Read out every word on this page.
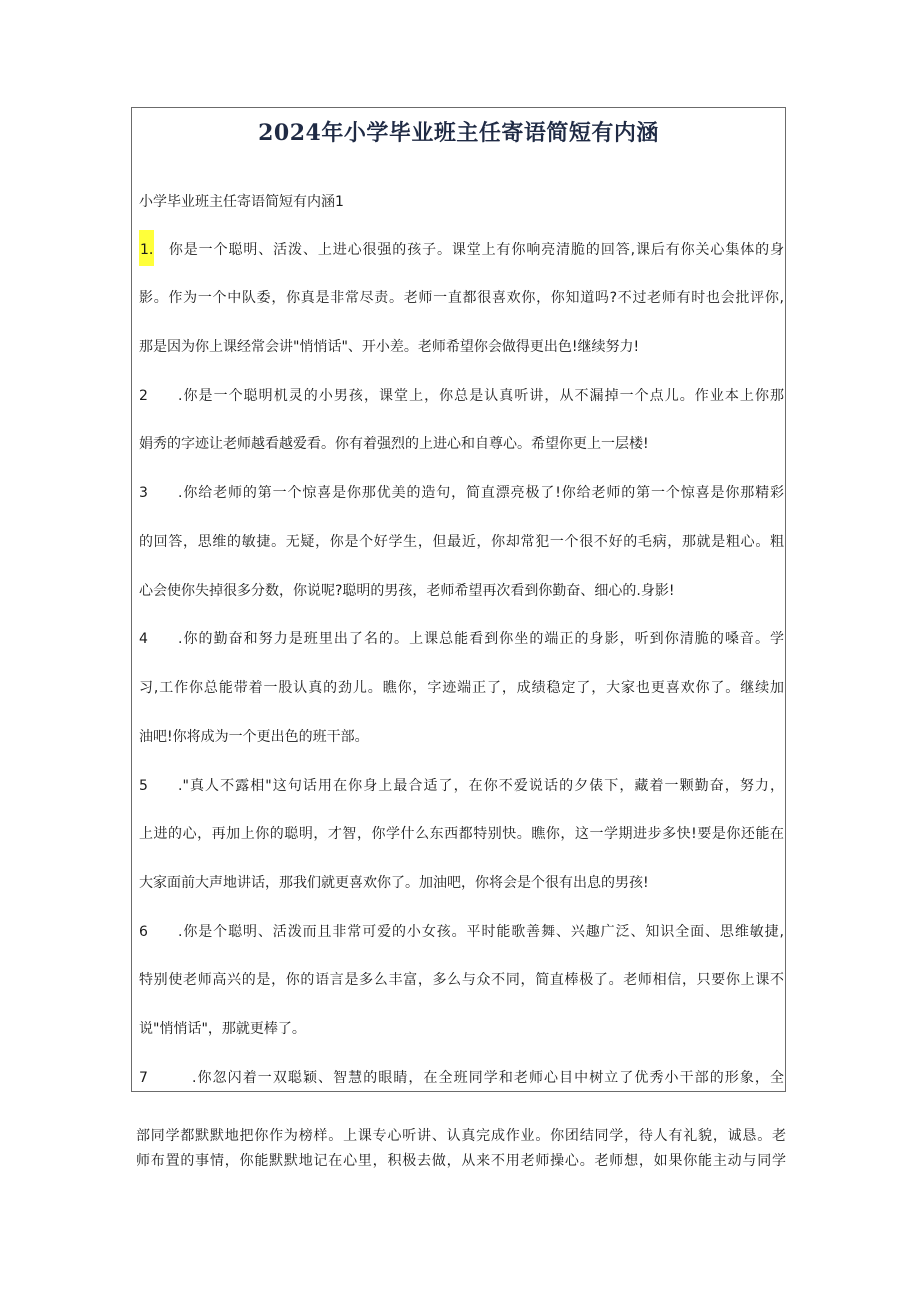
2024年小学毕业班主任寄语简短有内涵

小学毕业班主任寄语简短有内涵1

1. 你是一个聪明、活泼、上进心很强的孩子。课堂上有你响亮清脆的回答,课后有你关心集体的身

影。作为一个中队委，你真是非常尽责。老师一直都很喜欢你，你知道吗?不过老师有时也会批评你,

那是因为你上课经常会讲"悄悄话"、开小差。老师希望你会做得更出色!继续努力!

2 .你是一个聪明机灵的小男孩，课堂上，你总是认真听讲，从不漏掉一个点儿。作业本上你那

娟秀的字迹让老师越看越爱看。你有着强烈的上进心和自尊心。希望你更上一层楼!

3 .你给老师的第一个惊喜是你那优美的造句，简直漂亮极了!你给老师的第一个惊喜是你那精彩

的回答，思维的敏捷。无疑，你是个好学生，但最近，你却常犯一个很不好的毛病，那就是粗心。粗

心会使你失掉很多分数，你说呢?聪明的男孩，老师希望再次看到你勤奋、细心的.身影!

4 .你的勤奋和努力是班里出了名的。上课总能看到你坐的端正的身影，听到你清脆的嗓音。学

习,工作你总能带着一股认真的劲儿。瞧你，字迹端正了，成绩稳定了，大家也更喜欢你了。继续加

油吧!你将成为一个更出色的班干部。

5 ."真人不露相"这句话用在你身上最合适了，在你不爱说话的夕俵下，藏着一颗勤奋，努力，

上进的心，再加上你的聪明，才智，你学什么东西都特别快。瞧你，这一学期进步多快!要是你还能在

大家面前大声地讲话，那我们就更喜欢你了。加油吧，你将会是个很有出息的男孩!

6 .你是个聪明、活泼而且非常可爱的小女孩。平时能歌善舞、兴趣广泛、知识全面、思维敏捷,

特别使老师高兴的是，你的语言是多么丰富，多么与众不同，简直棒极了。老师相信，只要你上课不

说"悄悄话"，那就更棒了。

7	.你忽闪着一双聪颖、智慧的眼睛，在全班同学和老师心目中树立了优秀小干部的形象，全

部同学都默默地把你作为榜样。上课专心听讲、认真完成作业。你团结同学，待人有礼貌，诚恳。老

师布置的事情，你能默默地记在心里，积极去做，从来不用老师操心。老师想，如果你能主动与同学
